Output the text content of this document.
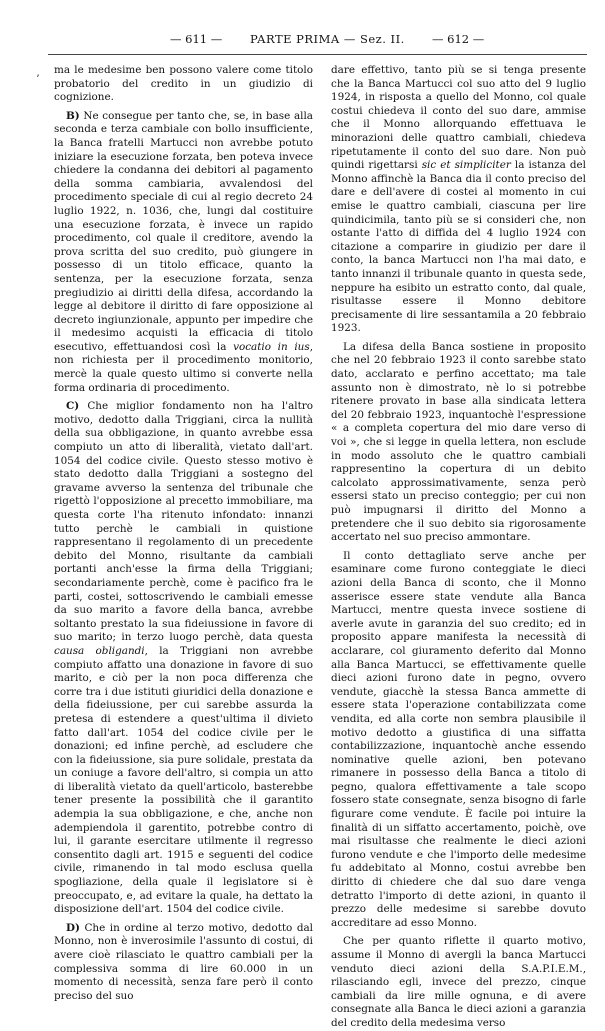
ʼ
— 611 — PARTE PRIMA — Sez. II. — 612 —

ma le medesime ben possono valere come titolo probatorio del credito in un giudizio di cognizione.

B) Ne consegue per tanto che, se, in base alla seconda e terza cambiale con bollo insufficiente, la Banca fratelli Martucci non avrebbe potuto iniziare la esecuzione forzata, ben poteva invece chiedere la condanna dei debitori al pagamento della somma cambiaria, avvalendosi del procedimento speciale di cui al regio decreto 24 luglio 1922, n. 1036, che, lungi dal costituire una esecuzione forzata, è invece un rapido procedimento, col quale il creditore, avendo la prova scritta del suo credito, può giungere in possesso di un titolo efficace, quanto la sentenza, per la esecuzione forzata, senza pregiudizio ai diritti della difesa, accordando la legge al debitore il diritto di fare opposizione al decreto ingiunzionale, appunto per impedire che il medesimo acquisti la efficacia di titolo esecutivo, effettuandosi così la vocatio in ius, non richiesta per il procedimento monitorio, mercè la quale questo ultimo si converte nella forma ordinaria di procedimento.

C) Che miglior fondamento non ha l'altro motivo, dedotto dalla Triggiani, circa la nullità della sua obbligazione, in quanto avrebbe essa compiuto un atto di liberalità, vietato dall'art. 1054 del codice civile. Questo stesso motivo è stato dedotto dalla Triggiani a sostegno del gravame avverso la sentenza del tribunale che rigettò l'opposizione al precetto immobiliare, ma questa corte l'ha ritenuto infondato: innanzi tutto perchè le cambiali in quistione rappresentano il regolamento di un precedente debito del Monno, risultante da cambiali portanti anch'esse la firma della Triggiani; secondariamente perchè, come è pacifico fra le parti, costei, sottoscrivendo le cambiali emesse da suo marito a favore della banca, avrebbe soltanto prestato la sua fideiussione in favore di suo marito; in terzo luogo perchè, data questa causa obligandi, la Triggiani non avrebbe compiuto affatto una donazione in favore di suo marito, e ciò per la non poca differenza che corre tra i due istituti giuridici della donazione e della fideiussione, per cui sarebbe assurda la pretesa di estendere a quest'ultima il divieto fatto dall'art. 1054 del codice civile per le donazioni; ed infine perchè, ad escludere che con la fideiussione, sia pure solidale, prestata da un coniuge a favore dell'altro, si compia un atto di liberalità vietato da quell'articolo, basterebbe tener presente la possibilità che il garantito adempia la sua obbligazione, e che, anche non adempiendola il garentito, potrebbe contro di lui, il garante esercitare utilmente il regresso consentito dagli art. 1915 e seguenti del codice civile, rimanendo in tal modo esclusa quella spogliazione, della quale il legislatore si è preoccupato, e, ad evitare la quale, ha dettato la disposizione dell'art. 1504 del codice civile.

D) Che in ordine al terzo motivo, dedotto dal Monno, non è inverosimile l'assunto di costui, di avere cioè rilasciato le quattro cambiali per la complessiva somma di lire 60.000 in un momento di necessità, senza fare però il conto preciso del suo

dare effettivo, tanto più se si tenga presente che la Banca Martucci col suo atto del 9 luglio 1924, in risposta a quello del Monno, col quale costui chiedeva il conto del suo dare, ammise che il Monno allorquando effettuava le minorazioni delle quattro cambiali, chiedeva ripetutamente il conto del suo dare. Non può quindi rigettarsi sic et simpliciter la istanza del Monno affinchè la Banca dia il conto preciso del dare e dell'avere di costei al momento in cui emise le quattro cambiali, ciascuna per lire quindicimila, tanto più se si consideri che, non ostante l'atto di diffida del 4 luglio 1924 con citazione a comparire in giudizio per dare il conto, la banca Martucci non l'ha mai dato, e tanto innanzi il tribunale quanto in questa sede, neppure ha esibito un estratto conto, dal quale, risultasse essere il Monno debitore precisamente di lire sessantamila a 20 febbraio 1923.

La difesa della Banca sostiene in proposito che nel 20 febbraio 1923 il conto sarebbe stato dato, acclarato e perfino accettato; ma tale assunto non è dimostrato, nè lo si potrebbe ritenere provato in base alla sindicata lettera del 20 febbraio 1923, inquantochè l'espressione « a completa copertura del mio dare verso di voi », che si legge in quella lettera, non esclude in modo assoluto che le quattro cambiali rappresentino la copertura di un debito calcolato approssimativamente, senza però essersi stato un preciso conteggio; per cui non può impugnarsi il diritto del Monno a pretendere che il suo debito sia rigorosamente accertato nel suo preciso ammontare.

Il conto dettagliato serve anche per esaminare come furono conteggiate le dieci azioni della Banca di sconto, che il Monno asserisce essere state vendute alla Banca Martucci, mentre questa invece sostiene di averle avute in garanzia del suo credito; ed in proposito appare manifesta la necessità di acclarare, col giuramento deferito dal Monno alla Banca Martucci, se effettivamente quelle dieci azioni furono date in pegno, ovvero vendute, giacchè la stessa Banca ammette di essere stata l'operazione contabilizzata come vendita, ed alla corte non sembra plausibile il motivo dedotto a giustifica di una siffatta contabilizzazione, inquantochè anche essendo nominative quelle azioni, ben potevano rimanere in possesso della Banca a titolo di pegno, qualora effettivamente a tale scopo fossero state consegnate, senza bisogno di farle figurare come vendute. È facile poi intuire la finalità di un siffatto accertamento, poichè, ove mai risultasse che realmente le dieci azioni furono vendute e che l'importo delle medesime fu addebitato al Monno, costui avrebbe ben diritto di chiedere che dal suo dare venga detratto l'importo di dette azioni, in quanto il prezzo delle medesime si sarebbe dovuto accreditare ad esso Monno.

Che per quanto riflette il quarto motivo, assume il Monno di avergli la banca Martucci venduto dieci azioni della S.A.P.I.E.M., rilasciando egli, invece del prezzo, cinque cambiali da lire mille ognuna, e di avere consegnate alla Banca le dieci azioni a garanzia del credito della medesima verso
